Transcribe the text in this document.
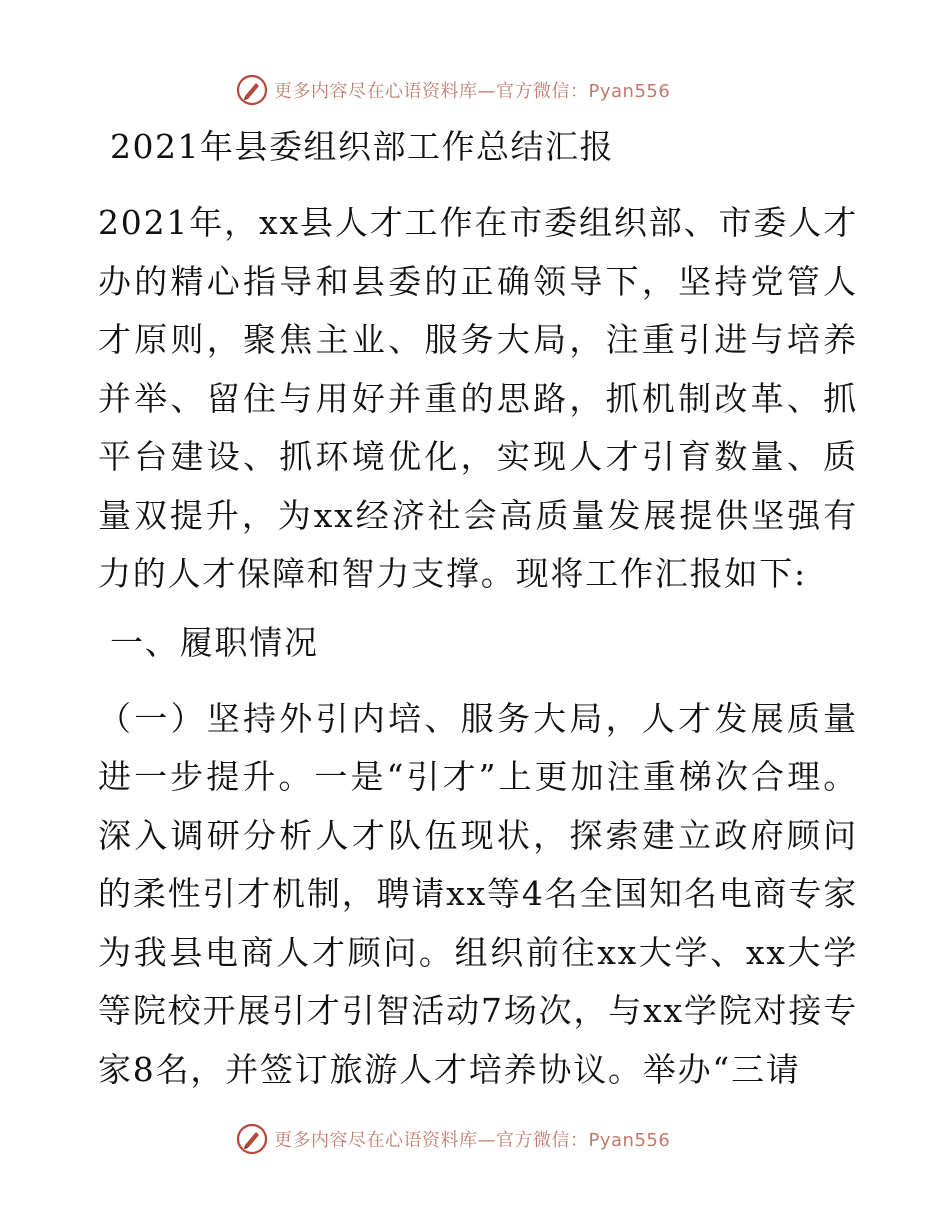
更多内容尽在心语资料库—官方微信：Pyan556
2021年县委组织部工作总结汇报

2021年，xx县人才工作在市委组织部、市委人才办的精心指导和县委的正确领导下，坚持党管人才原则，聚焦主业、服务大局，注重引进与培养并举、留住与用好并重的思路，抓机制改革、抓平台建设、抓环境优化，实现人才引育数量、质量双提升，为xx经济社会高质量发展提供坚强有力的人才保障和智力支撑。现将工作汇报如下:

一、履职情况

（一）坚持外引内培、服务大局，人才发展质量进一步提升。一是“引才”上更加注重梯次合理。深入调研分析人才队伍现状，探索建立政府顾问的柔性引才机制，聘请xx等4名全国知名电商专家为我县电商人才顾问。组织前往xx大学、xx大学等院校开展引才引智活动7场次，与xx学院对接专家8名，并签订旅游人才培养协议。举办“三请

更多内容尽在心语资料库—官方微信：Pyan556
